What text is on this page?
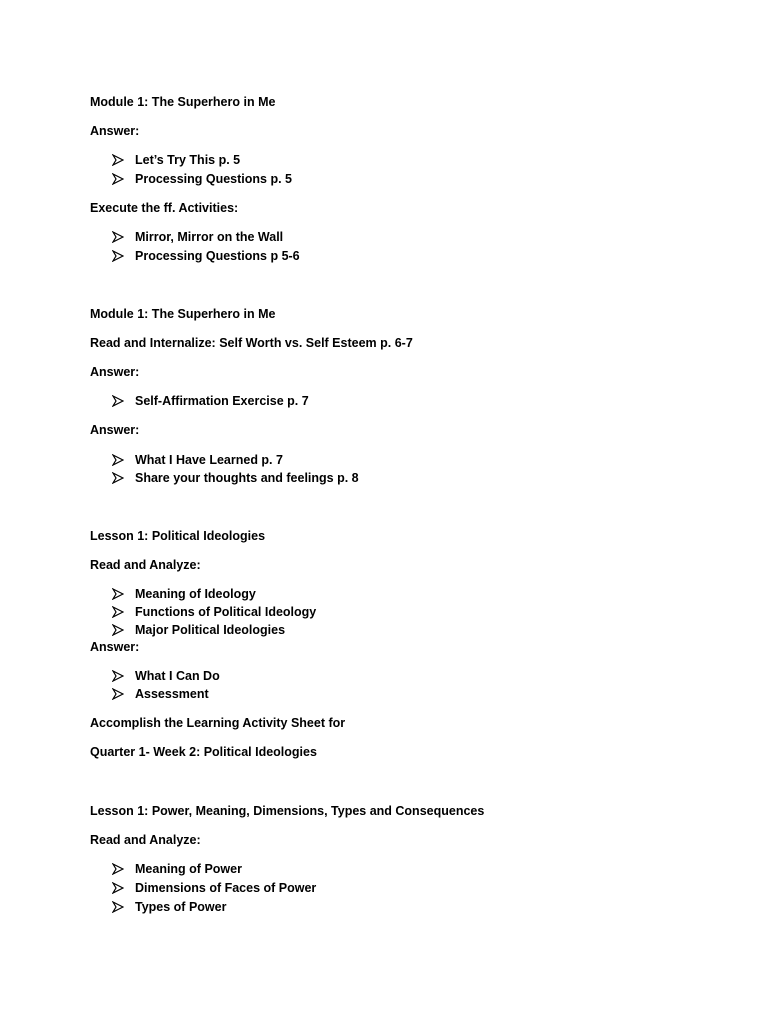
Module 1: The Superhero in Me
Answer:
Let’s Try This p. 5
Processing Questions p. 5
Execute the ff. Activities:
Mirror, Mirror on the Wall
Processing Questions p 5-6
Module 1: The Superhero in Me
Read and Internalize: Self Worth vs. Self Esteem p. 6-7
Answer:
Self-Affirmation Exercise p. 7
Answer:
What I Have Learned p. 7
Share your thoughts and feelings p. 8
Lesson 1: Political Ideologies
Read and Analyze:
Meaning of Ideology
Functions of Political Ideology
Major Political Ideologies
Answer:
What I Can Do
Assessment
Accomplish the Learning Activity Sheet for
Quarter 1- Week 2: Political Ideologies
Lesson 1: Power, Meaning, Dimensions, Types and Consequences
Read and Analyze:
Meaning of Power
Dimensions of Faces of Power
Types of Power
